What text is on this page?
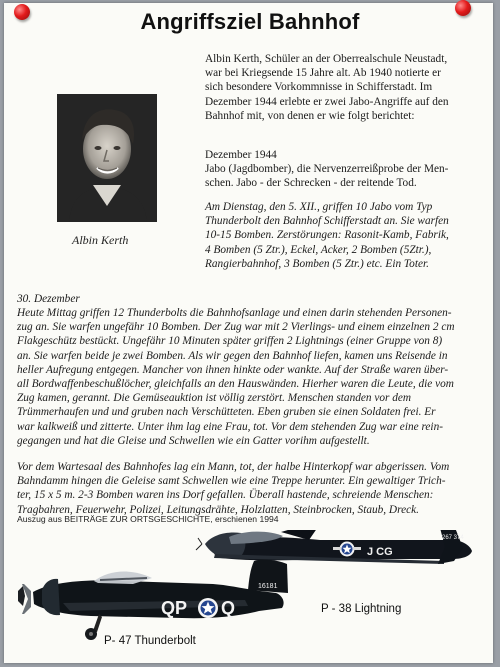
Angriffsziel Bahnhof
Albin Kerth
Albin Kerth, Schüler an der Oberrealschule Neustadt,
war bei Kriegsende 15 Jahre alt. Ab 1940 notierte er
sich besondere Vorkommnisse in Schifferstadt. Im
Dezember 1944 erlebte er zwei Jabo-Angriffe auf den
Bahnhof mit, von denen er wie folgt berichtet:
Dezember 1944
Jabo (Jagdbomber), die Nervenzerreißprobe der Men-
schen. Jabo - der Schrecken - der reitende Tod.
Am Dienstag, den 5. XII., griffen 10 Jabo vom Typ
Thunderbolt den Bahnhof Schifferstadt an. Sie warfen
10-15 Bomben. Zerstörungen: Rasonit-Kamb, Fabrik,
4 Bomben (5 Ztr.), Eckel, Acker, 2 Bomben (5Ztr.),
Rangierbahnhof, 3 Bomben (5 Ztr.) etc. Ein Toter.
30. Dezember
Heute Mittag griffen 12 Thunderbolts die Bahnhofsanlage und einen darin stehenden Personen-
zug an. Sie warfen ungefähr 10 Bomben. Der Zug war mit 2 Vierlings- und einem einzelnen 2 cm
Flakgeschütz bestückt. Ungefähr 10 Minuten später griffen 2 Lightnings (einer Gruppe von 8)
an. Sie warfen beide je zwei Bomben. Als wir gegen den Bahnhof liefen, kamen uns Reisende in
heller Aufregung entgegen. Mancher von ihnen hinkte oder wankte. Auf der Straße waren über-
all Bordwaffenbeschußlöcher, gleichfalls an den Hauswänden. Hierher waren die Leute, die vom
Zug kamen, gerannt. Die Gemüseauktion ist völlig zerstört. Menschen standen vor dem
Trümmerhaufen und und gruben nach Verschütteten. Eben gruben sie einen Soldaten frei. Er
war kalkweiß und zitterte. Unter ihm lag eine Frau, tot. Vor dem stehenden Zug war eine rein-
gegangen und hat die Gleise und Schwellen wie ein Gatter vorihm aufgestellt.
Vor dem Wartesaal des Bahnhofes lag ein Mann, tot, der halbe Hinterkopf war abgerissen. Vom
Bahndamm hingen die Geleise samt Schwellen wie eine Treppe herunter. Ein gewaltiger Trich-
ter, 15 x 5 m. 2-3 Bomben waren ins Dorf gefallen. Überall hastende, schreiende Menschen:
Tragbahren, Feuerwehr, Polizei, Leitungsdrähte, Holzlatten, Steinbrocken, Staub, Dreck.
Auszug aus BEITRÄGE ZUR ORTSGESCHICHTE, erschienen 1994
J CG
267 374
QP Q
16181
P - 38 Lightning
P- 47 Thunderbolt
